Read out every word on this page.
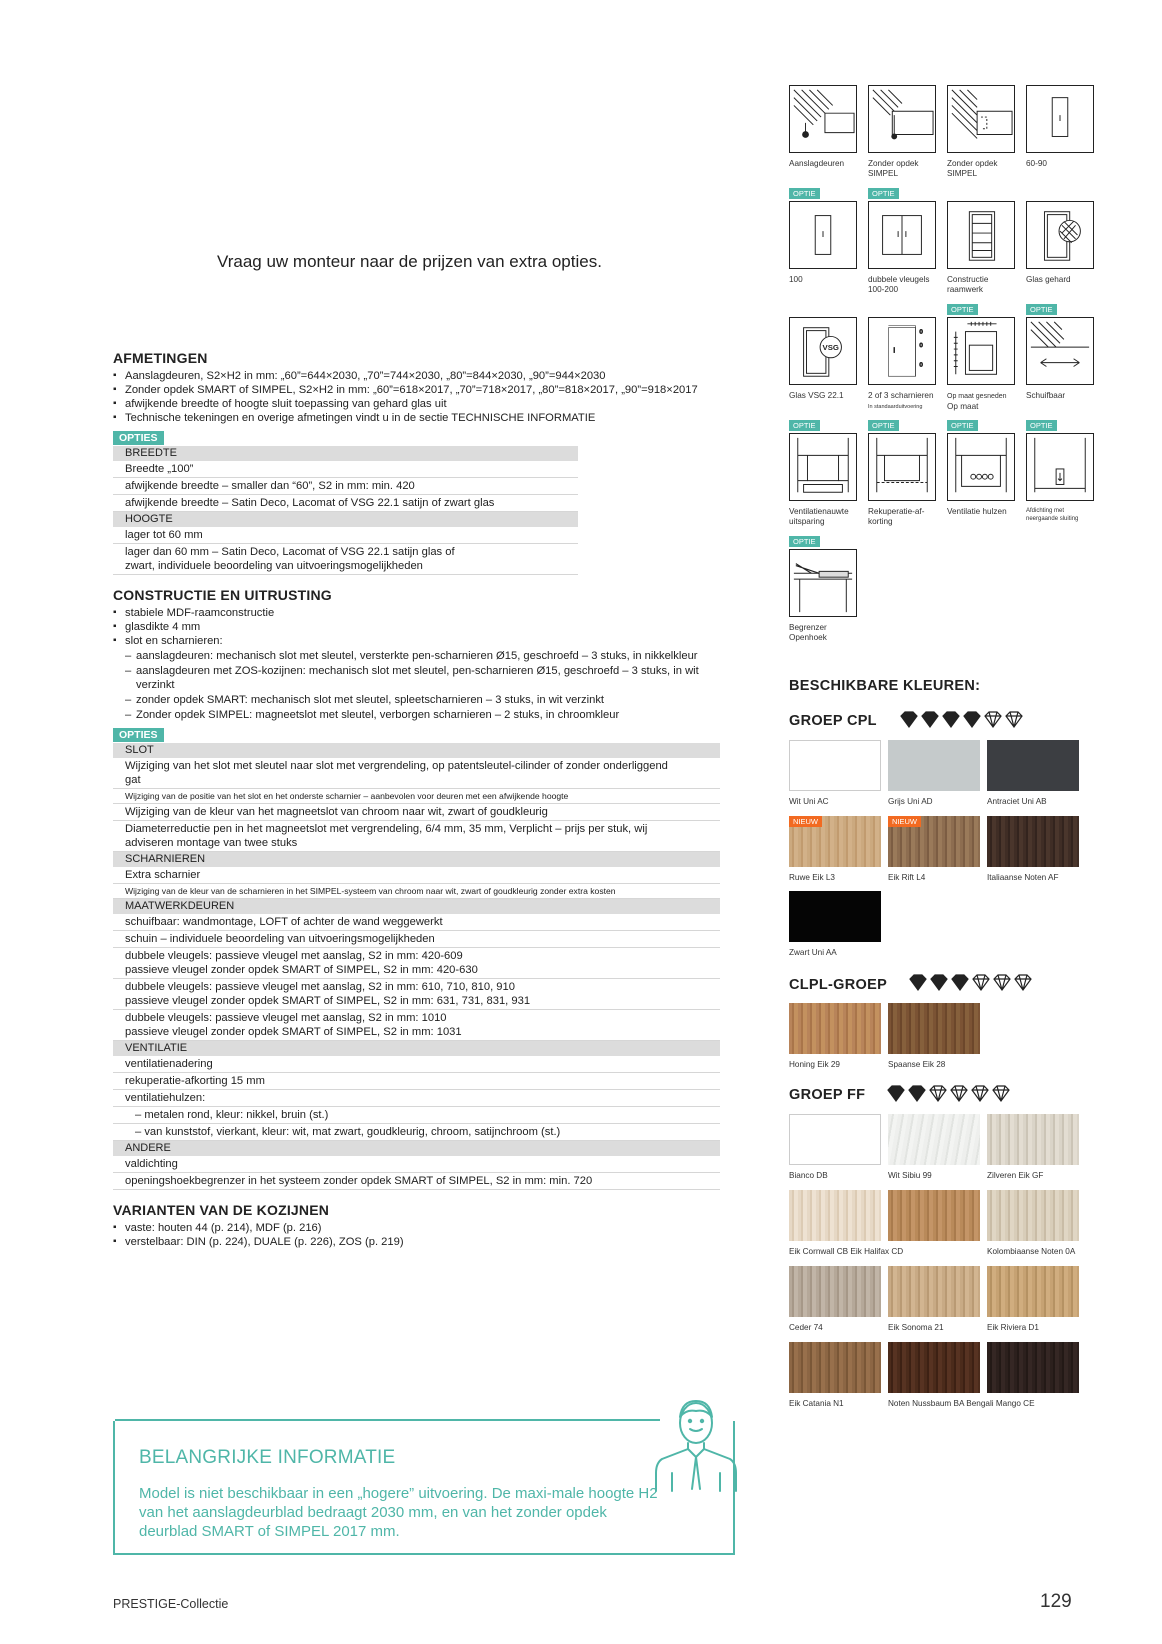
Vraag uw monteur naar de prijzen van extra opties.
AFMETINGEN
▪ Aanslagdeuren, S2×H2 in mm: „60”=644×2030, „70”=744×2030, „80”=844×2030, „90”=944×2030
▪ Zonder opdek SMART of SIMPEL, S2×H2 in mm: „60”=618×2017, „70”=718×2017, „80”=818×2017, „90”=918×2017
▪ afwijkende breedte of hoogte sluit toepassing van gehard glas uit
▪ Technische tekeningen en overige afmetingen vindt u in de sectie TECHNISCHE INFORMATIE
OPTIES
BREEDTE
Breedte „100”
afwijkende breedte – smaller dan “60”, S2 in mm: min. 420
afwijkende breedte – Satin Deco, Lacomat of VSG 22.1 satijn of zwart glas
HOOGTE
lager tot 60 mm
lager dan 60 mm – Satin Deco, Lacomat of VSG 22.1 satijn glas of zwart, individuele beoordeling van uitvoeringsmogelijkheden
CONSTRUCTIE EN UITRUSTING
▪ stabiele MDF-raamconstructie
▪ glasdikte 4 mm
▪ slot en scharnieren:
– aanslagdeuren: mechanisch slot met sleutel, versterkte pen-scharnieren Ø15, geschroefd – 3 stuks, in nikkelkleur
– aanslagdeuren met ZOS-kozijnen: mechanisch slot met sleutel, pen-scharnieren Ø15, geschroefd – 3 stuks, in wit verzinkt
– zonder opdek SMART: mechanisch slot met sleutel, spleetscharnieren – 3 stuks, in wit verzinkt
– Zonder opdek SIMPEL: magneetslot met sleutel, verborgen scharnieren – 2 stuks, in chroomkleur
OPTIES
SLOT
Wijziging van het slot met sleutel naar slot met vergrendeling, op patentsleutel-cilinder of zonder onderliggend gat
Wijziging van de positie van het slot en het onderste scharnier – aanbevolen voor deuren met een afwijkende hoogte
Wijziging van de kleur van het magneetslot van chroom naar wit, zwart of goudkleurig
Diameterreductie pen in het magneetslot met vergrendeling, 6/4 mm, 35 mm, Verplicht – prijs per stuk, wij adviseren montage van twee stuks
SCHARNIEREN
Extra scharnier
Wijziging van de kleur van de scharnieren in het SIMPEL-systeem van chroom naar wit, zwart of goudkleurig zonder extra kosten
MAATWERKDEUREN
schuifbaar: wandmontage, LOFT of achter de wand weggewerkt
schuin – individuele beoordeling van uitvoeringsmogelijkheden
dubbele vleugels: passieve vleugel met aanslag, S2 in mm: 420-609
passieve vleugel zonder opdek SMART of SIMPEL, S2 in mm: 420-630
dubbele vleugels: passieve vleugel met aanslag, S2 in mm: 610, 710, 810, 910
passieve vleugel zonder opdek SMART of SIMPEL, S2 in mm: 631, 731, 831, 931
dubbele vleugels: passieve vleugel met aanslag, S2 in mm: 1010
passieve vleugel zonder opdek SMART of SIMPEL, S2 in mm: 1031
VENTILATIE
ventilatienadering
rekuperatie-afkorting 15 mm
ventilatiehulzen:
– metalen rond, kleur: nikkel, bruin (st.)
– van kunststof, vierkant, kleur: wit, mat zwart, goudkleurig, chroom, satijnchroom (st.)
ANDERE
valdichting
openingshoekbegrenzer in het systeem zonder opdek SMART of SIMPEL, S2 in mm: min. 720
VARIANTEN VAN DE KOZIJNEN
▪ vaste: houten 44 (p. 214), MDF (p. 216)
▪ verstelbaar: DIN (p. 224), DUALE (p. 226), ZOS (p. 219)
BELANGRIJKE INFORMATIE
Model is niet beschikbaar in een „hogere” uitvoering. De maxi-male hoogte H2 van het aanslagdeurblad bedraagt 2030 mm, en van het zonder opdek deurblad SMART of SIMPEL 2017 mm.
PRESTIGE-Collectie	129
Aanslagdeuren	Zonder opdek SIMPEL
Zonder opdek SIMPEL
60-90
OPTIE
100
OPTIE
dubbele vleugels 100-200
Constructie raamwerk
Glas gehard
VSG
Glas VSG 22.1
0
0
0
2 of 3 scharnieren
In standaarduitvoering
OPTIE
Op maat gesneden
Op maat
OPTIE
Schuifbaar
OPTIE
Ventilatienauwte uitsparing
OPTIE
Rekuperatie-af-korting
OPTIE
Ventilatie hulzen
OPTIE
Afdichting met neergaande sluiting
OPTIE
Begrenzer Openhoek
BESCHIKBARE KLEUREN:
GROEP CPL
Wit Uni AC	Grijs Uni AD	Antraciet Uni AB
NIEUW
Ruwe Eik L3
NIEUW
Eik Rift L4	Italiaanse Noten AF
Zwart Uni AA
CLPL-GROEP
Honing Eik 29	Spaanse Eik 28
GROEP FF
Bianco DB	Wit Sibiu 99	Zilveren Eik GF
Eik Cornwall CB Eik Halifax CD	Kolombiaanse Noten 0A
Ceder 74	Eik Sonoma 21	Eik Riviera D1
Eik Catania N1	Noten Nussbaum BA Bengali Mango CE
